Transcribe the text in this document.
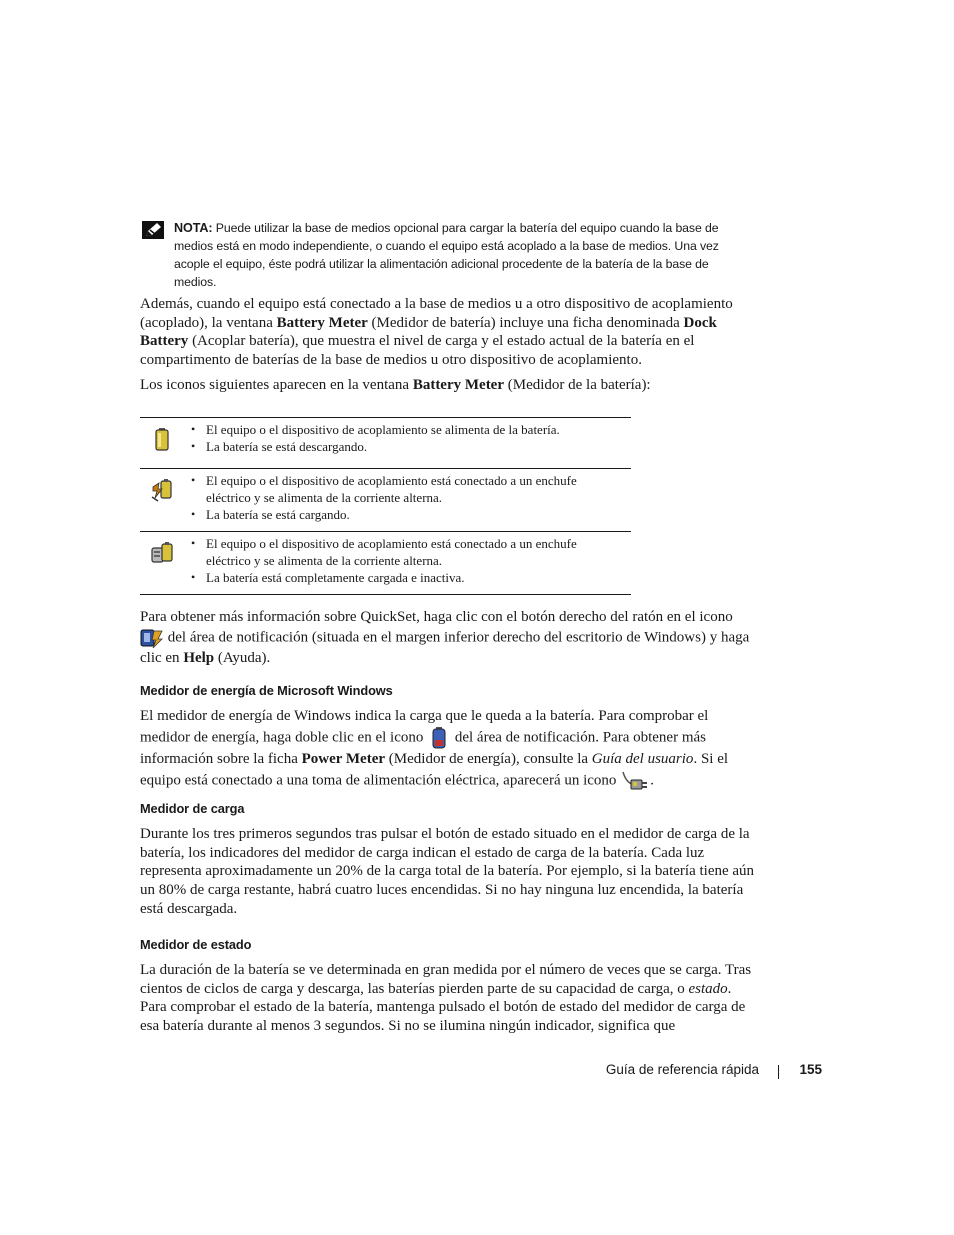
NOTA: Puede utilizar la base de medios opcional para cargar la batería del equipo cuando la base de medios está en modo independiente, o cuando el equipo está acoplado a la base de medios. Una vez acople el equipo, éste podrá utilizar la alimentación adicional procedente de la batería de la base de medios.

Además, cuando el equipo está conectado a la base de medios u a otro dispositivo de acoplamiento (acoplado), la ventana Battery Meter (Medidor de batería) incluye una ficha denominada Dock Battery (Acoplar batería), que muestra el nivel de carga y el estado actual de la batería en el compartimento de baterías de la base de medios u otro dispositivo de acoplamiento.

Los iconos siguientes aparecen en la ventana Battery Meter (Medidor de la batería):

• El equipo o el dispositivo de acoplamiento se alimenta de la batería.
• La batería se está descargando.
• El equipo o el dispositivo de acoplamiento está conectado a un enchufe eléctrico y se alimenta de la corriente alterna.
• La batería se está cargando.
• El equipo o el dispositivo de acoplamiento está conectado a un enchufe eléctrico y se alimenta de la corriente alterna.
• La batería está completamente cargada e inactiva.

Para obtener más información sobre QuickSet, haga clic con el botón derecho del ratón en el icono  del área de notificación (situada en el margen inferior derecho del escritorio de Windows) y haga clic en Help (Ayuda).

Medidor de energía de Microsoft Windows

El medidor de energía de Windows indica la carga que le queda a la batería. Para comprobar el medidor de energía, haga doble clic en el icono  del área de notificación. Para obtener más información sobre la ficha Power Meter (Medidor de energía), consulte la Guía del usuario. Si el equipo está conectado a una toma de alimentación eléctrica, aparecerá un icono .

Medidor de carga

Durante los tres primeros segundos tras pulsar el botón de estado situado en el medidor de carga de la batería, los indicadores del medidor de carga indican el estado de carga de la batería. Cada luz representa aproximadamente un 20% de la carga total de la batería. Por ejemplo, si la batería tiene aún un 80% de carga restante, habrá cuatro luces encendidas. Si no hay ninguna luz encendida, la batería está descargada.

Medidor de estado

La duración de la batería se ve determinada en gran medida por el número de veces que se carga. Tras cientos de ciclos de carga y descarga, las baterías pierden parte de su capacidad de carga, o estado. Para comprobar el estado de la batería, mantenga pulsado el botón de estado del medidor de carga de esa batería durante al menos 3 segundos. Si no se ilumina ningún indicador, significa que

Guía de referencia rápida	155
